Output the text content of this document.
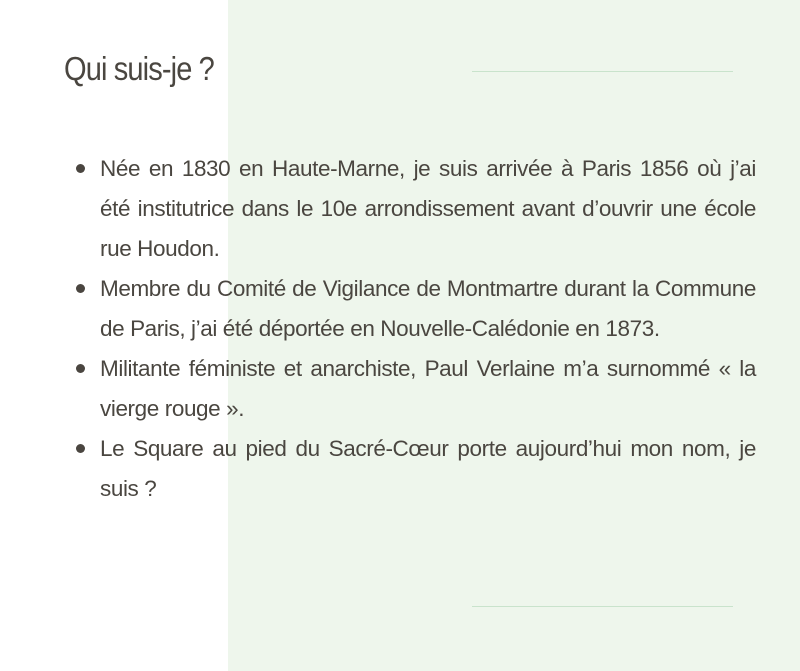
Qui suis-je ?
Née en 1830 en Haute-Marne, je suis arrivée à Paris 1856 où j’ai été institutrice dans le 10e arrondissement avant d’ouvrir une école rue Houdon.
Membre du Comité de Vigilance de Montmartre durant la Commune de Paris, j’ai été déportée en Nouvelle-Calédonie en 1873.
Militante féministe et anarchiste, Paul Verlaine m’a surnommé « la vierge rouge ».
Le Square au pied du Sacré-Cœur porte aujourd’hui mon nom, je suis ?
